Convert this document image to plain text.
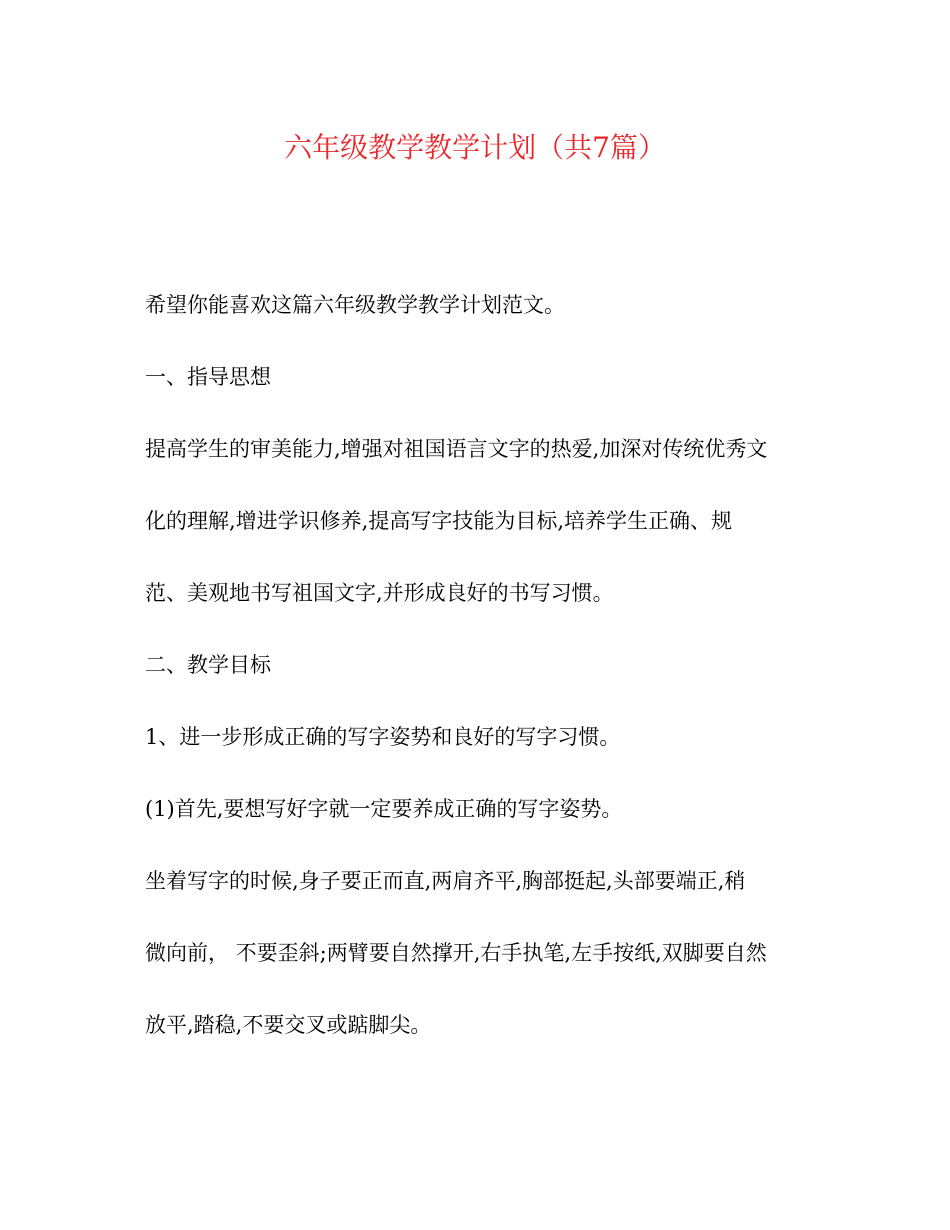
六年级教学教学计划（共7篇）
希望你能喜欢这篇六年级教学教学计划范文。
一、指导思想
提高学生的审美能力,增强对祖国语言文字的热爱,加深对传统优秀文
化的理解,增进学识修养,提高写字技能为目标,培养学生正确、规
范、美观地书写祖国文字,并形成良好的书写习惯。
二、教学目标
1、进一步形成正确的写字姿势和良好的写字习惯。
(1)首先,要想写好字就一定要养成正确的写字姿势。
坐着写字的时候,身子要正而直,两肩齐平,胸部挺起,头部要端正,稍
微向前， 不要歪斜;两臂要自然撑开,右手执笔,左手按纸,双脚要自然
放平,踏稳,不要交叉或踮脚尖。
